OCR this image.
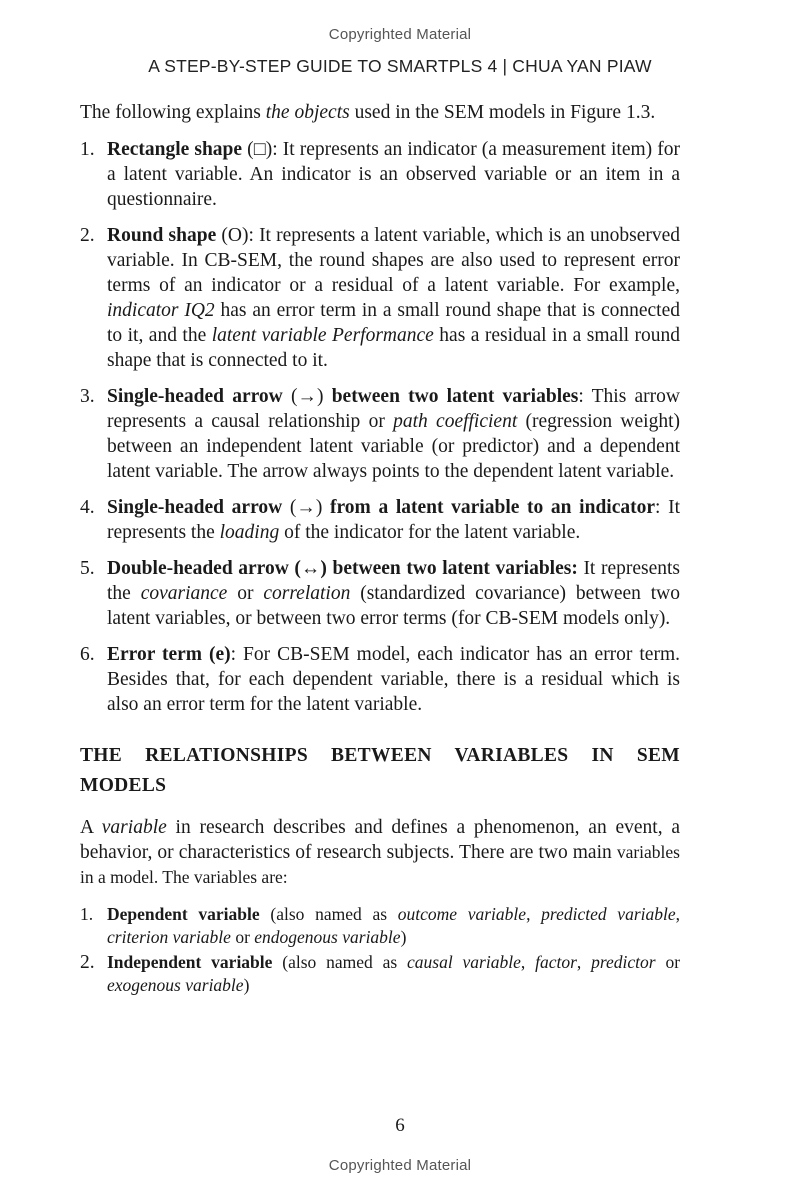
Copyrighted Material
A STEP-BY-STEP GUIDE TO SMARTPLS 4 | CHUA YAN PIAW

The following explains the objects used in the SEM models in Figure 1.3.

1. Rectangle shape (□): It represents an indicator (a measurement item) for a latent variable. An indicator is an observed variable or an item in a questionnaire.
2. Round shape (O): It represents a latent variable, which is an unobserved variable. In CB-SEM, the round shapes are also used to represent error terms of an indicator or a residual of a latent variable. For example, indicator IQ2 has an error term in a small round shape that is connected to it, and the latent variable Performance has a residual in a small round shape that is connected to it.
3. Single-headed arrow (→) between two latent variables: This arrow represents a causal relationship or path coefficient (regression weight) between an independent latent variable (or predictor) and a dependent latent variable. The arrow always points to the dependent latent variable.
4. Single-headed arrow (→) from a latent variable to an indicator: It represents the loading of the indicator for the latent variable.
5. Double-headed arrow (↔) between two latent variables: It represents the covariance or correlation (standardized covariance) between two latent variables, or between two error terms (for CB-SEM models only).
6. Error term (e): For CB-SEM model, each indicator has an error term. Besides that, for each dependent variable, there is a residual which is also an error term for the latent variable.
THE RELATIONSHIPS BETWEEN VARIABLES IN SEM MODELS

A variable in research describes and defines a phenomenon, an event, a behavior, or characteristics of research subjects. There are two main variables in a model. The variables are:

1. Dependent variable (also named as outcome variable, predicted variable, criterion variable or endogenous variable)
2. Independent variable (also named as causal variable, factor, predictor or exogenous variable)
6
Copyrighted Material
